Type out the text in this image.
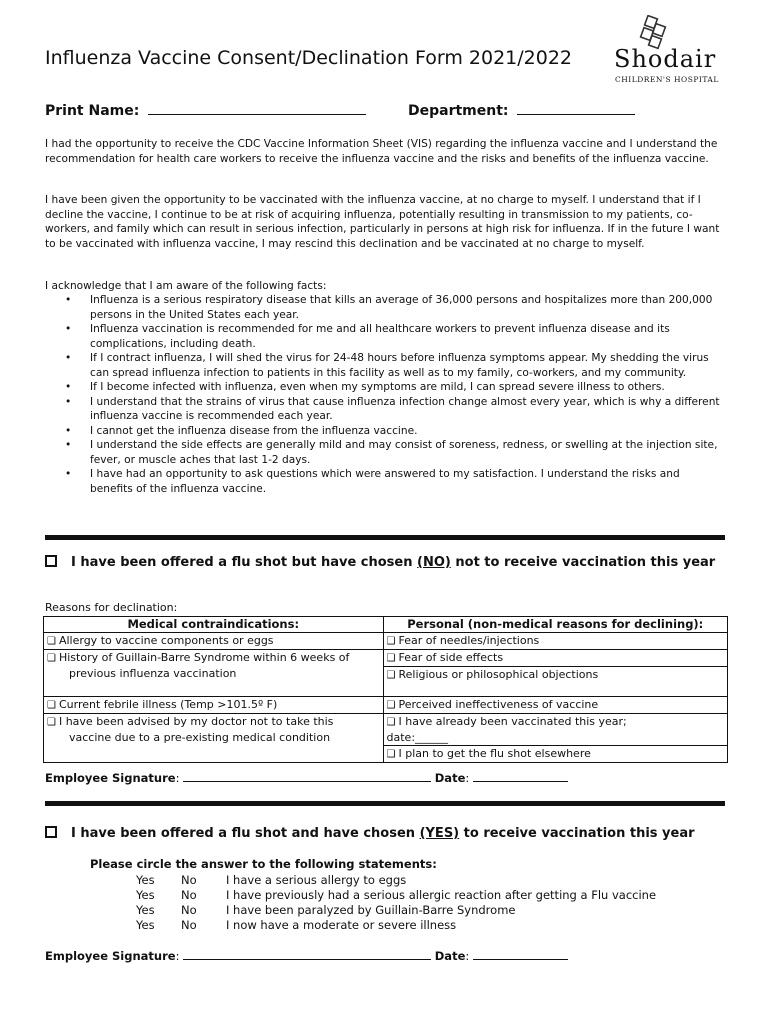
Influenza Vaccine Consent/Declination Form 2021/2022 Shodair
CHILDREN'S HOSPITAL
Print Name:	Department:
I had the opportunity to receive the CDC Vaccine Information Sheet (VIS) regarding the influenza vaccine and I understand the recommendation for health care workers to receive the influenza vaccine and the risks and benefits of the influenza vaccine.
I have been given the opportunity to be vaccinated with the influenza vaccine, at no charge to myself. I understand that if I decline the vaccine, I continue to be at risk of acquiring influenza, potentially resulting in transmission to my patients, co-workers, and family which can result in serious infection, particularly in persons at high risk for influenza. If in the future I want to be vaccinated with influenza vaccine, I may rescind this declination and be vaccinated at no charge to myself.
I acknowledge that I am aware of the following facts:
• Influenza is a serious respiratory disease that kills an average of 36,000 persons and hospitalizes more than 200,000 persons in the United States each year.
• Influenza vaccination is recommended for me and all healthcare workers to prevent influenza disease and its complications, including death.
• If I contract influenza, I will shed the virus for 24-48 hours before influenza symptoms appear. My shedding the virus can spread influenza infection to patients in this facility as well as to my family, co-workers, and my community.
• If I become infected with influenza, even when my symptoms are mild, I can spread severe illness to others.
• I understand that the strains of virus that cause influenza infection change almost every year, which is why a different influenza vaccine is recommended each year.
• I cannot get the influenza disease from the influenza vaccine.
• I understand the side effects are generally mild and may consist of soreness, redness, or swelling at the injection site, fever, or muscle aches that last 1-2 days.
• I have had an opportunity to ask questions which were answered to my satisfaction. I understand the risks and benefits of the influenza vaccine.
I have been offered a flu shot but have chosen (NO) not to receive vaccination this year
Reasons for declination:
Medical contraindications:	Personal (non-medical reasons for declining):
❑ Allergy to vaccine components or eggs	❑ Fear of needles/injections
❑ History of Guillain-Barre Syndrome within 6 weeks of
previous influenza vaccination	❑ Fear of side effects
	❑ Religious or philosophical objections
❑ Current febrile illness (Temp >101.5º F)	❑ Perceived ineffectiveness of vaccine
❑ I have been advised by my doctor not to take this
vaccine due to a pre-existing medical condition	❑ I have already been vaccinated this year;
date:______

	❑ I plan to get the flu shot elsewhere
Employee Signature:	Date:
I have been offered a flu shot and have chosen (YES) to receive vaccination this year
Please circle the answer to the following statements:
Yes No	I have a serious allergy to eggs
Yes No	I have previously had a serious allergic reaction after getting a Flu vaccine
Yes No	I have been paralyzed by Guillain-Barre Syndrome
Yes No	I now have a moderate or severe illness
Employee Signature:	Date:
